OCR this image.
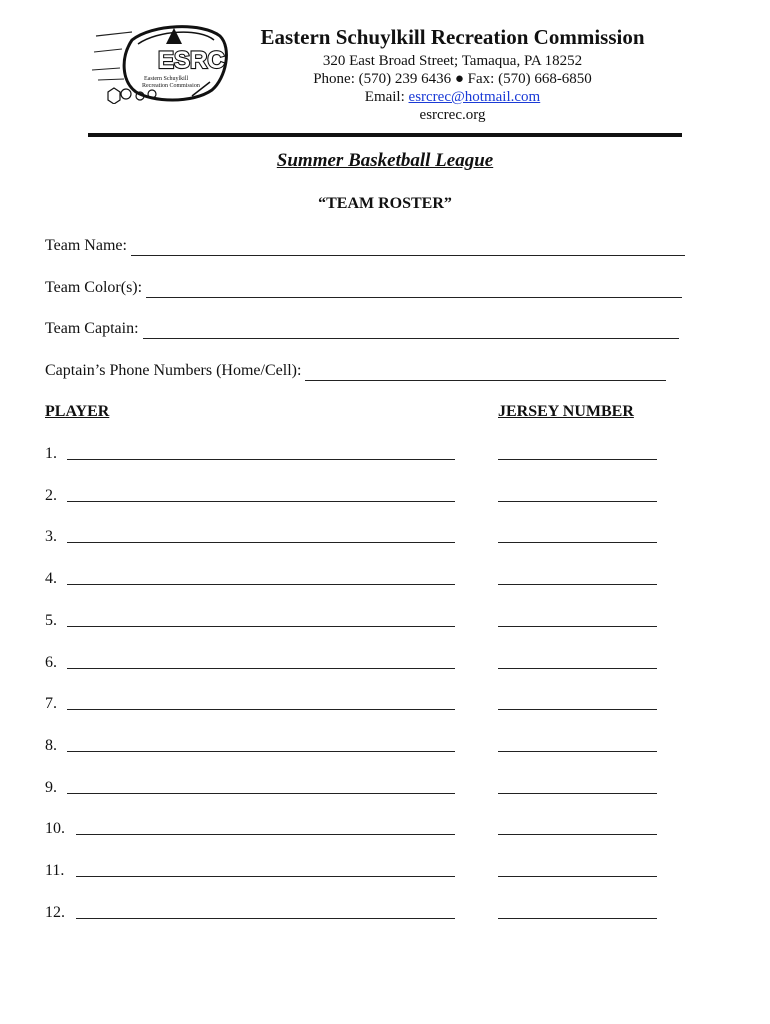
ESRC
Eastern Schuylkill
Recreation Commission
Eastern Schuylkill Recreation Commission
320 East Broad Street; Tamaqua, PA 18252
Phone: (570) 239 6436 ● Fax: (570) 668-6850
Email: esrcrec@hotmail.com
esrcrec.org
Summer Basketball League
“TEAM ROSTER”
Team Name:
Team Color(s):
Team Captain:
Captain’s Phone Numbers (Home/Cell):
PLAYER	JERSEY NUMBER
1.
2.
3.
4.
5.
6.
7.
8.
9.
10.
11.
12.
